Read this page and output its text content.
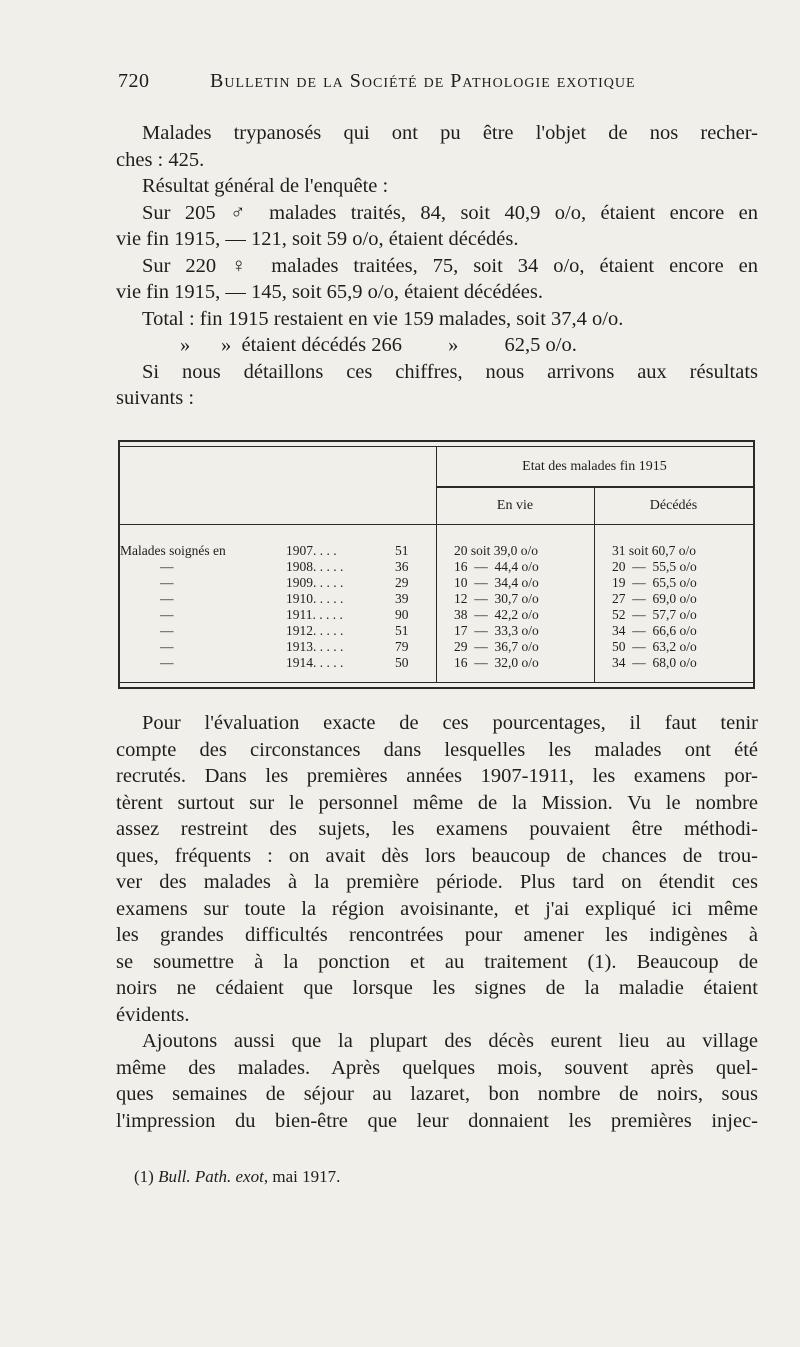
720	Bulletin de la Société de Pathologie exotique
Malades trypanosés qui ont pu être l'objet de nos recher-
ches : 425.
Résultat général de l'enquête :
Sur 205 ♂ malades traités, 84, soit 40,9 o/o, étaient encore en
vie fin 1915, — 121, soit 59 o/o, étaient décédés.
Sur 220 ♀ malades traitées, 75, soit 34 o/o, étaient encore en
vie fin 1915, — 145, soit 65,9 o/o, étaient décédées.
Total : fin 1915 restaient en vie 159 malades, soit 37,4 o/o.
»      »  étaient décédés 266         »         62,5 o/o.
Si nous détaillons ces chiffres, nous arrivons aux résultats
suivants :
Etat des malades fin 1915
En vie	Décédés
Malades soignés en	1907. . . .	51	20 soit 39,0 o/o	31 soit 60,7 o/o
—	1908. . . . .	36	16  —  44,4 o/o	20  —  55,5 o/o
—	1909. . . . .	29	10  —  34,4 o/o	19  —  65,5 o/o
—	1910. . . . .	39	12  —  30,7 o/o	27  —  69,0 o/o
—	1911. . . . .	90	38  —  42,2 o/o	52  —  57,7 o/o
—	1912. . . . .	51	17  —  33,3 o/o	34  —  66,6 o/o
—	1913. . . . .	79	29  —  36,7 o/o	50  —  63,2 o/o
—	1914. . . . .	50	16  —  32,0 o/o	34  —  68,0 o/o
Pour l'évaluation exacte de ces pourcentages, il faut tenir
compte des circonstances dans lesquelles les malades ont été
recrutés. Dans les premières années 1907-1911, les examens por-
tèrent surtout sur le personnel même de la Mission. Vu le nombre
assez restreint des sujets, les examens pouvaient être méthodi-
ques, fréquents : on avait dès lors beaucoup de chances de trou-
ver des malades à la première période. Plus tard on étendit ces
examens sur toute la région avoisinante, et j'ai expliqué ici même
les grandes difficultés rencontrées pour amener les indigènes à
se soumettre à la ponction et au traitement (1). Beaucoup de
noirs ne cédaient que lorsque les signes de la maladie étaient
évidents.
Ajoutons aussi que la plupart des décès eurent lieu au village
même des malades. Après quelques mois, souvent après quel-
ques semaines de séjour au lazaret, bon nombre de noirs, sous
l'impression du bien-être que leur donnaient les premières injec-
(1) Bull. Path. exot, mai 1917.
